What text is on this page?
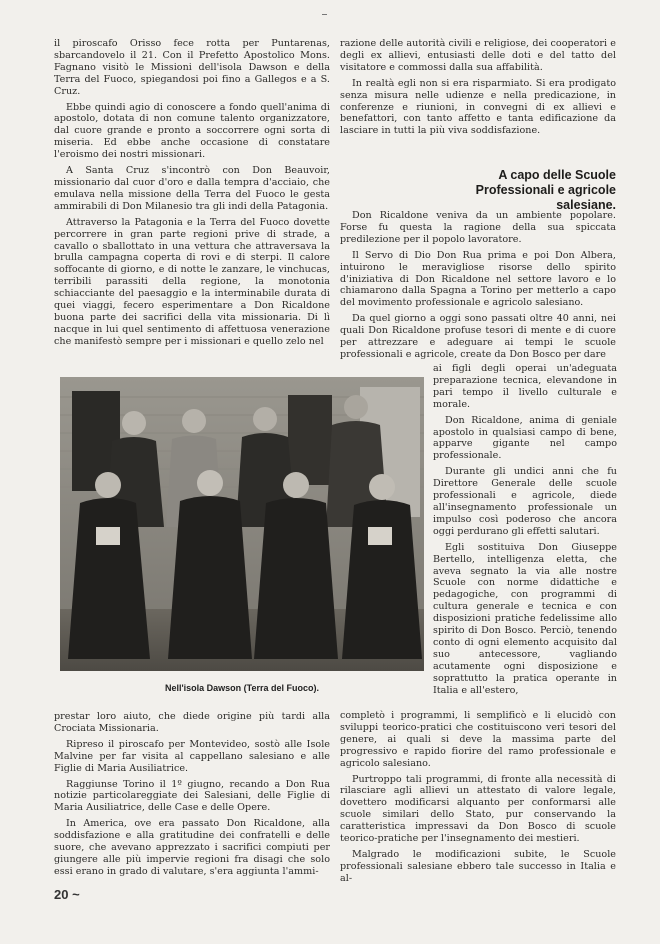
il piroscafo Orisso fece rotta per Puntarenas, sbarcandovelo il 21. Con il Prefetto Apostolico Mons. Fagnano visitò le Missioni dell'isola Dawson e della Terra del Fuoco, spiegandosi poi fino a Gallegos e a S. Cruz.

Ebbe quindi agio di conoscere a fondo quell'anima di apostolo, dotata di non comune talento organizzatore, dal cuore grande e pronto a soccorrere ogni sorta di miseria. Ed ebbe anche occasione di constatare l'eroismo dei nostri missionari.

A Santa Cruz s'incontrò con Don Beauvoir, missionario dal cuor d'oro e dalla tempra d'acciaio, che emulava nella missione della Terra del Fuoco le gesta ammirabili di Don Milanesio tra gli indi della Patagonia.

Attraverso la Patagonia e la Terra del Fuoco dovette percorrere in gran parte regioni prive di strade, a cavallo o sballottato in una vettura che attraversava la brulla campagna coperta di rovi e di sterpi. Il calore soffocante di giorno, e di notte le zanzare, le vinchucas, terribili parassiti della regione, la monotonia schiacciante del paesaggio e la interminabile durata di quei viaggi, fecero esperimentare a Don Ricaldone buona parte dei sacrifici della vita missionaria. Di lì nacque in lui quel sentimento di affettuosa venerazione che manifestò sempre per i missionari e quello zelo nel

razione delle autorità civili e religiose, dei cooperatori e degli ex allievi, entusiasti delle doti e del tatto del visitatore e commossi dalla sua affabilità.

In realtà egli non si era risparmiato. Si era prodigato senza misura nelle udienze e nella predicazione, in conferenze e riunioni, in convegni di ex allievi e benefattori, con tanto affetto e tanta edificazione da lasciare in tutti la più viva soddisfazione.

A capo delle Scuole Professionali e agricole salesiane.

Don Ricaldone veniva da un ambiente popolare. Forse fu questa la ragione della sua spiccata predilezione per il popolo lavoratore.

Il Servo di Dio Don Rua prima e poi Don Albera, intuirono le meravigliose risorse dello spirito d'iniziativa di Don Ricaldone nel settore lavoro e lo chiamarono dalla Spagna a Torino per metterlo a capo del movimento professionale e agricolo salesiano.

Da quel giorno a oggi sono passati oltre 40 anni, nei quali Don Ricaldone profuse tesori di mente e di cuore per attrezzare e adeguare ai tempi le scuole professionali e agricole, create da Don Bosco per dare

ai figli degli operai un'adeguata preparazione tecnica, elevandone in pari tempo il livello culturale e morale.

Don Ricaldone, anima di geniale apostolo in qualsiasi campo di bene, apparve gigante nel campo professionale.

Durante gli undici anni che fu Direttore Generale delle scuole professionali e agricole, diede all'insegnamento professionale un impulso così poderoso che ancora oggi perdurano gli effetti salutari.

Egli sostituiva Don Giuseppe Bertello, intelligenza eletta, che aveva segnato la via alle nostre Scuole con norme didattiche e pedagogiche, con programmi di cultura generale e tecnica e con disposizioni pratiche fedelissime allo spirito di Don Bosco. Perciò, tenendo conto di ogni elemento acquisito dal suo antecessore, vagliando acutamente ogni disposizione e soprattutto la pratica operante in Italia e all'estero,

Nell'isola Dawson (Terra del Fuoco).

completò i programmi, li semplificò e li elucidò con sviluppi teorico-pratici che costituiscono veri tesori del genere, ai quali si deve la massima parte del progressivo e rapido fiorire del ramo professionale e agricolo salesiano.

Purtroppo tali programmi, di fronte alla necessità di rilasciare agli allievi un attestato di valore legale, dovettero modificarsi alquanto per conformarsi alle scuole similari dello Stato, pur conservando la caratteristica impressavi da Don Bosco di scuole teorico-pratiche per l'insegnamento dei mestieri.

Malgrado le modificazioni subite, le Scuole professionali salesiane ebbero tale successo in Italia e al-

prestar loro aiuto, che diede origine più tardi alla Crociata Missionaria.

Ripreso il piroscafo per Montevideo, sostò alle Isole Malvine per far visita al cappellano salesiano e alle Figlie di Maria Ausiliatrice.

Raggiunse Torino il 1º giugno, recando a Don Rua notizie particolareggiate dei Salesiani, delle Figlie di Maria Ausiliatrice, delle Case e delle Opere.

In America, ove era passato Don Ricaldone, alla soddisfazione e alla gratitudine dei confratelli e delle suore, che avevano apprezzato i sacrifici compiuti per giungere alle più impervie regioni fra disagi che solo essi erano in grado di valutare, s'era aggiunta l'ammi-

20 ~
